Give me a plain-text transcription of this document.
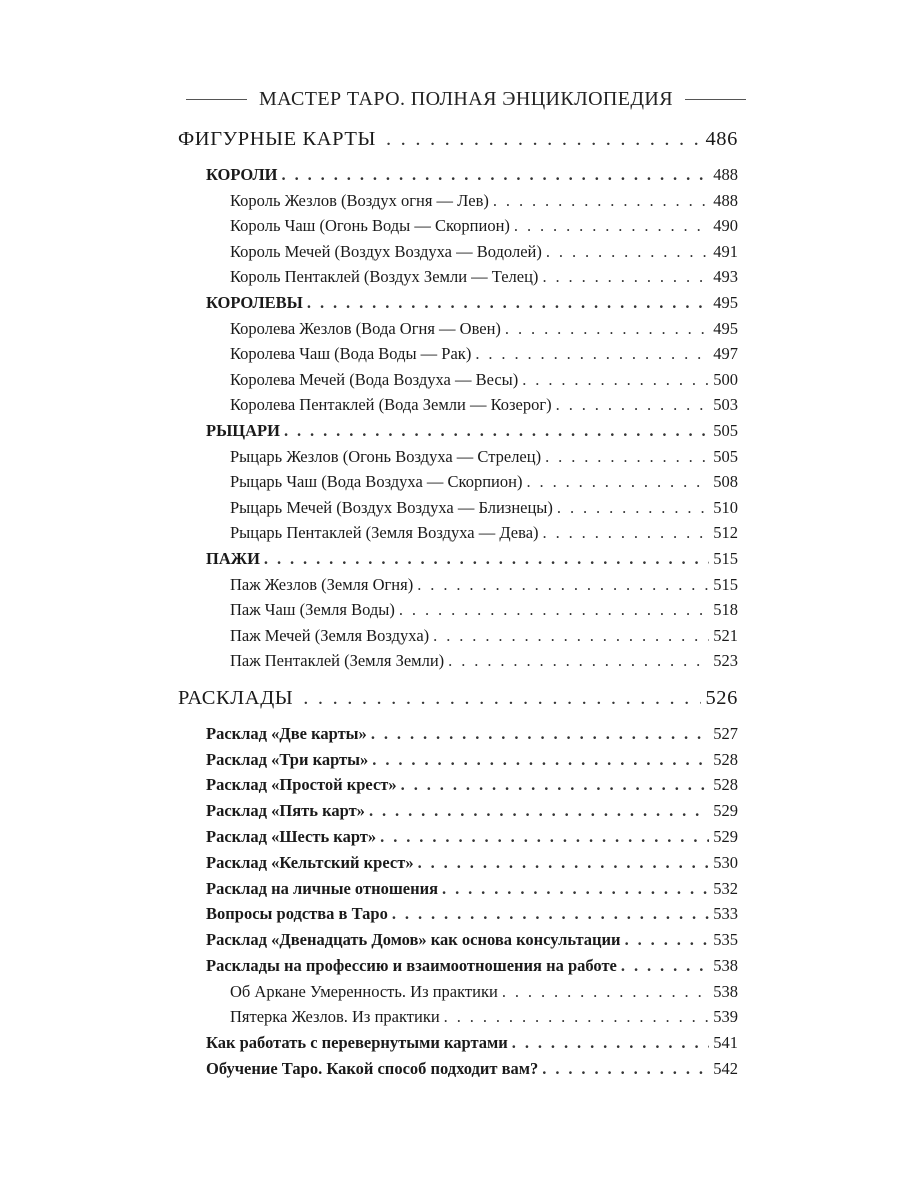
МАСТЕР ТАРО. ПОЛНАЯ ЭНЦИКЛОПЕДИЯ
ФИГУРНЫЕ КАРТЫ . . .	486
КОРОЛИ . . .	488
Король Жезлов (Воздух огня — Лев) . . .	488
Король Чаш (Огонь Воды — Скорпион) . . .	490
Король Мечей (Воздух Воздуха — Водолей) . . .	491
Король Пентаклей (Воздух Земли — Телец) . . .	493
КОРОЛЕВЫ . . .	495
Королева Жезлов (Вода Огня — Овен) . . .	495
Королева Чаш (Вода Воды — Рак) . . .	497
Королева Мечей (Вода Воздуха — Весы) . . .	500
Королева Пентаклей (Вода Земли — Козерог) . . .	503
РЫЦАРИ . . .	505
Рыцарь Жезлов (Огонь Воздуха — Стрелец) . . .	505
Рыцарь Чаш (Вода Воздуха — Скорпион) . . .	508
Рыцарь Мечей (Воздух Воздуха — Близнецы) . . .	510
Рыцарь Пентаклей (Земля Воздуха — Дева) . . .	512
ПАЖИ . . .	515
Паж Жезлов (Земля Огня) . . .	515
Паж Чаш (Земля Воды) . . .	518
Паж Мечей (Земля Воздуха) . . .	521
Паж Пентаклей (Земля Земли) . . .	523
РАСКЛАДЫ . . .	526
Расклад «Две карты» . . .	527
Расклад «Три карты» . . .	528
Расклад «Простой крест» . . .	528
Расклад «Пять карт» . . .	529
Расклад «Шесть карт» . . .	529
Расклад «Кельтский крест» . . .	530
Расклад на личные отношения . . .	532
Вопросы родства в Таро . . .	533
Расклад «Двенадцать Домов» как основа консультации . . .	535
Расклады на профессию и взаимоотношения на работе . . .	538
Об Аркане Умеренность. Из практики . . .	538
Пятерка Жезлов. Из практики . . .	539
Как работать с перевернутыми картами . . .	541
Обучение Таро. Какой способ подходит вам? . . .	542
